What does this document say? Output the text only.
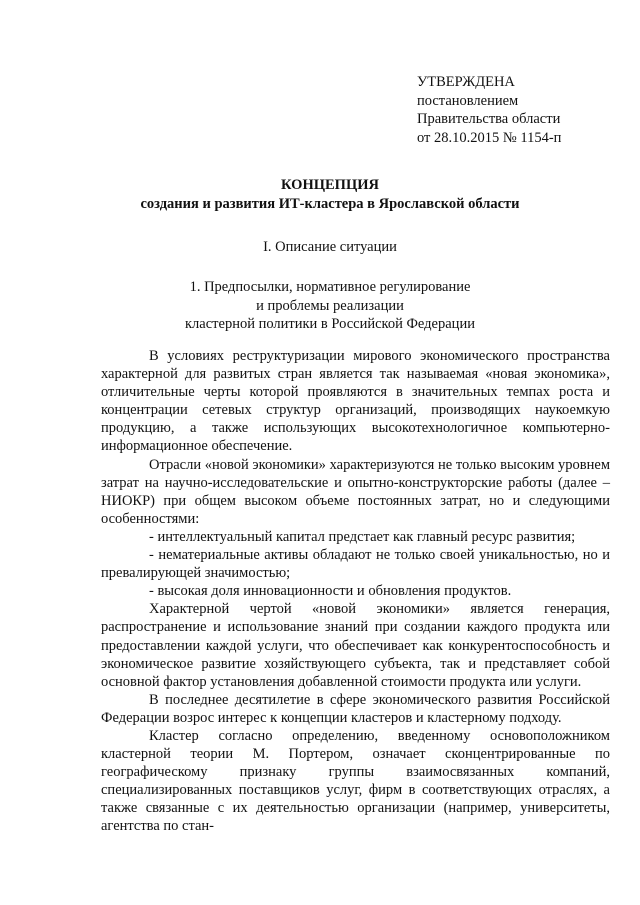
УТВЕРЖДЕНА
постановлением
Правительства области
от 28.10.2015 № 1154-п
КОНЦЕПЦИЯ
создания и развития ИТ-кластера в Ярославской области
I. Описание ситуации
1. Предпосылки, нормативное регулирование
и проблемы реализации
кластерной политики в Российской Федерации

В условиях реструктуризации мирового экономического пространства характерной для развитых стран является так называемая «новая экономика», отличительные черты которой проявляются в значительных темпах роста и концентрации сетевых структур организаций, производящих наукоемкую продукцию, а также использующих высокотехнологичное компьютерно-информационное обеспечение.

Отрасли «новой экономики» характеризуются не только высоким уровнем затрат на научно-исследовательские и опытно-конструкторские работы (далее – НИОКР) при общем высоком объеме постоянных затрат, но и следующими особенностями:

- интеллектуальный капитал предстает как главный ресурс развития;

- нематериальные активы обладают не только своей уникальностью, но и превалирующей значимостью;

- высокая доля инновационности и обновления продуктов.

Характерной чертой «новой экономики» является генерация, распространение и использование знаний при создании каждого продукта или предоставлении каждой услуги, что обеспечивает как конкурентоспособность и экономическое развитие хозяйствующего субъекта, так и представляет собой основной фактор установления добавленной стоимости продукта или услуги.

В последнее десятилетие в сфере экономического развития Российской Федерации возрос интерес к концепции кластеров и кластерному подходу.

Кластер согласно определению, введенному основоположником кластерной теории М. Портером, означает сконцентрированные по географическому признаку группы взаимосвязанных компаний, специализированных поставщиков услуг, фирм в соответствующих отраслях, а также связанные с их деятельностью организации (например, университеты, агентства по стан-
